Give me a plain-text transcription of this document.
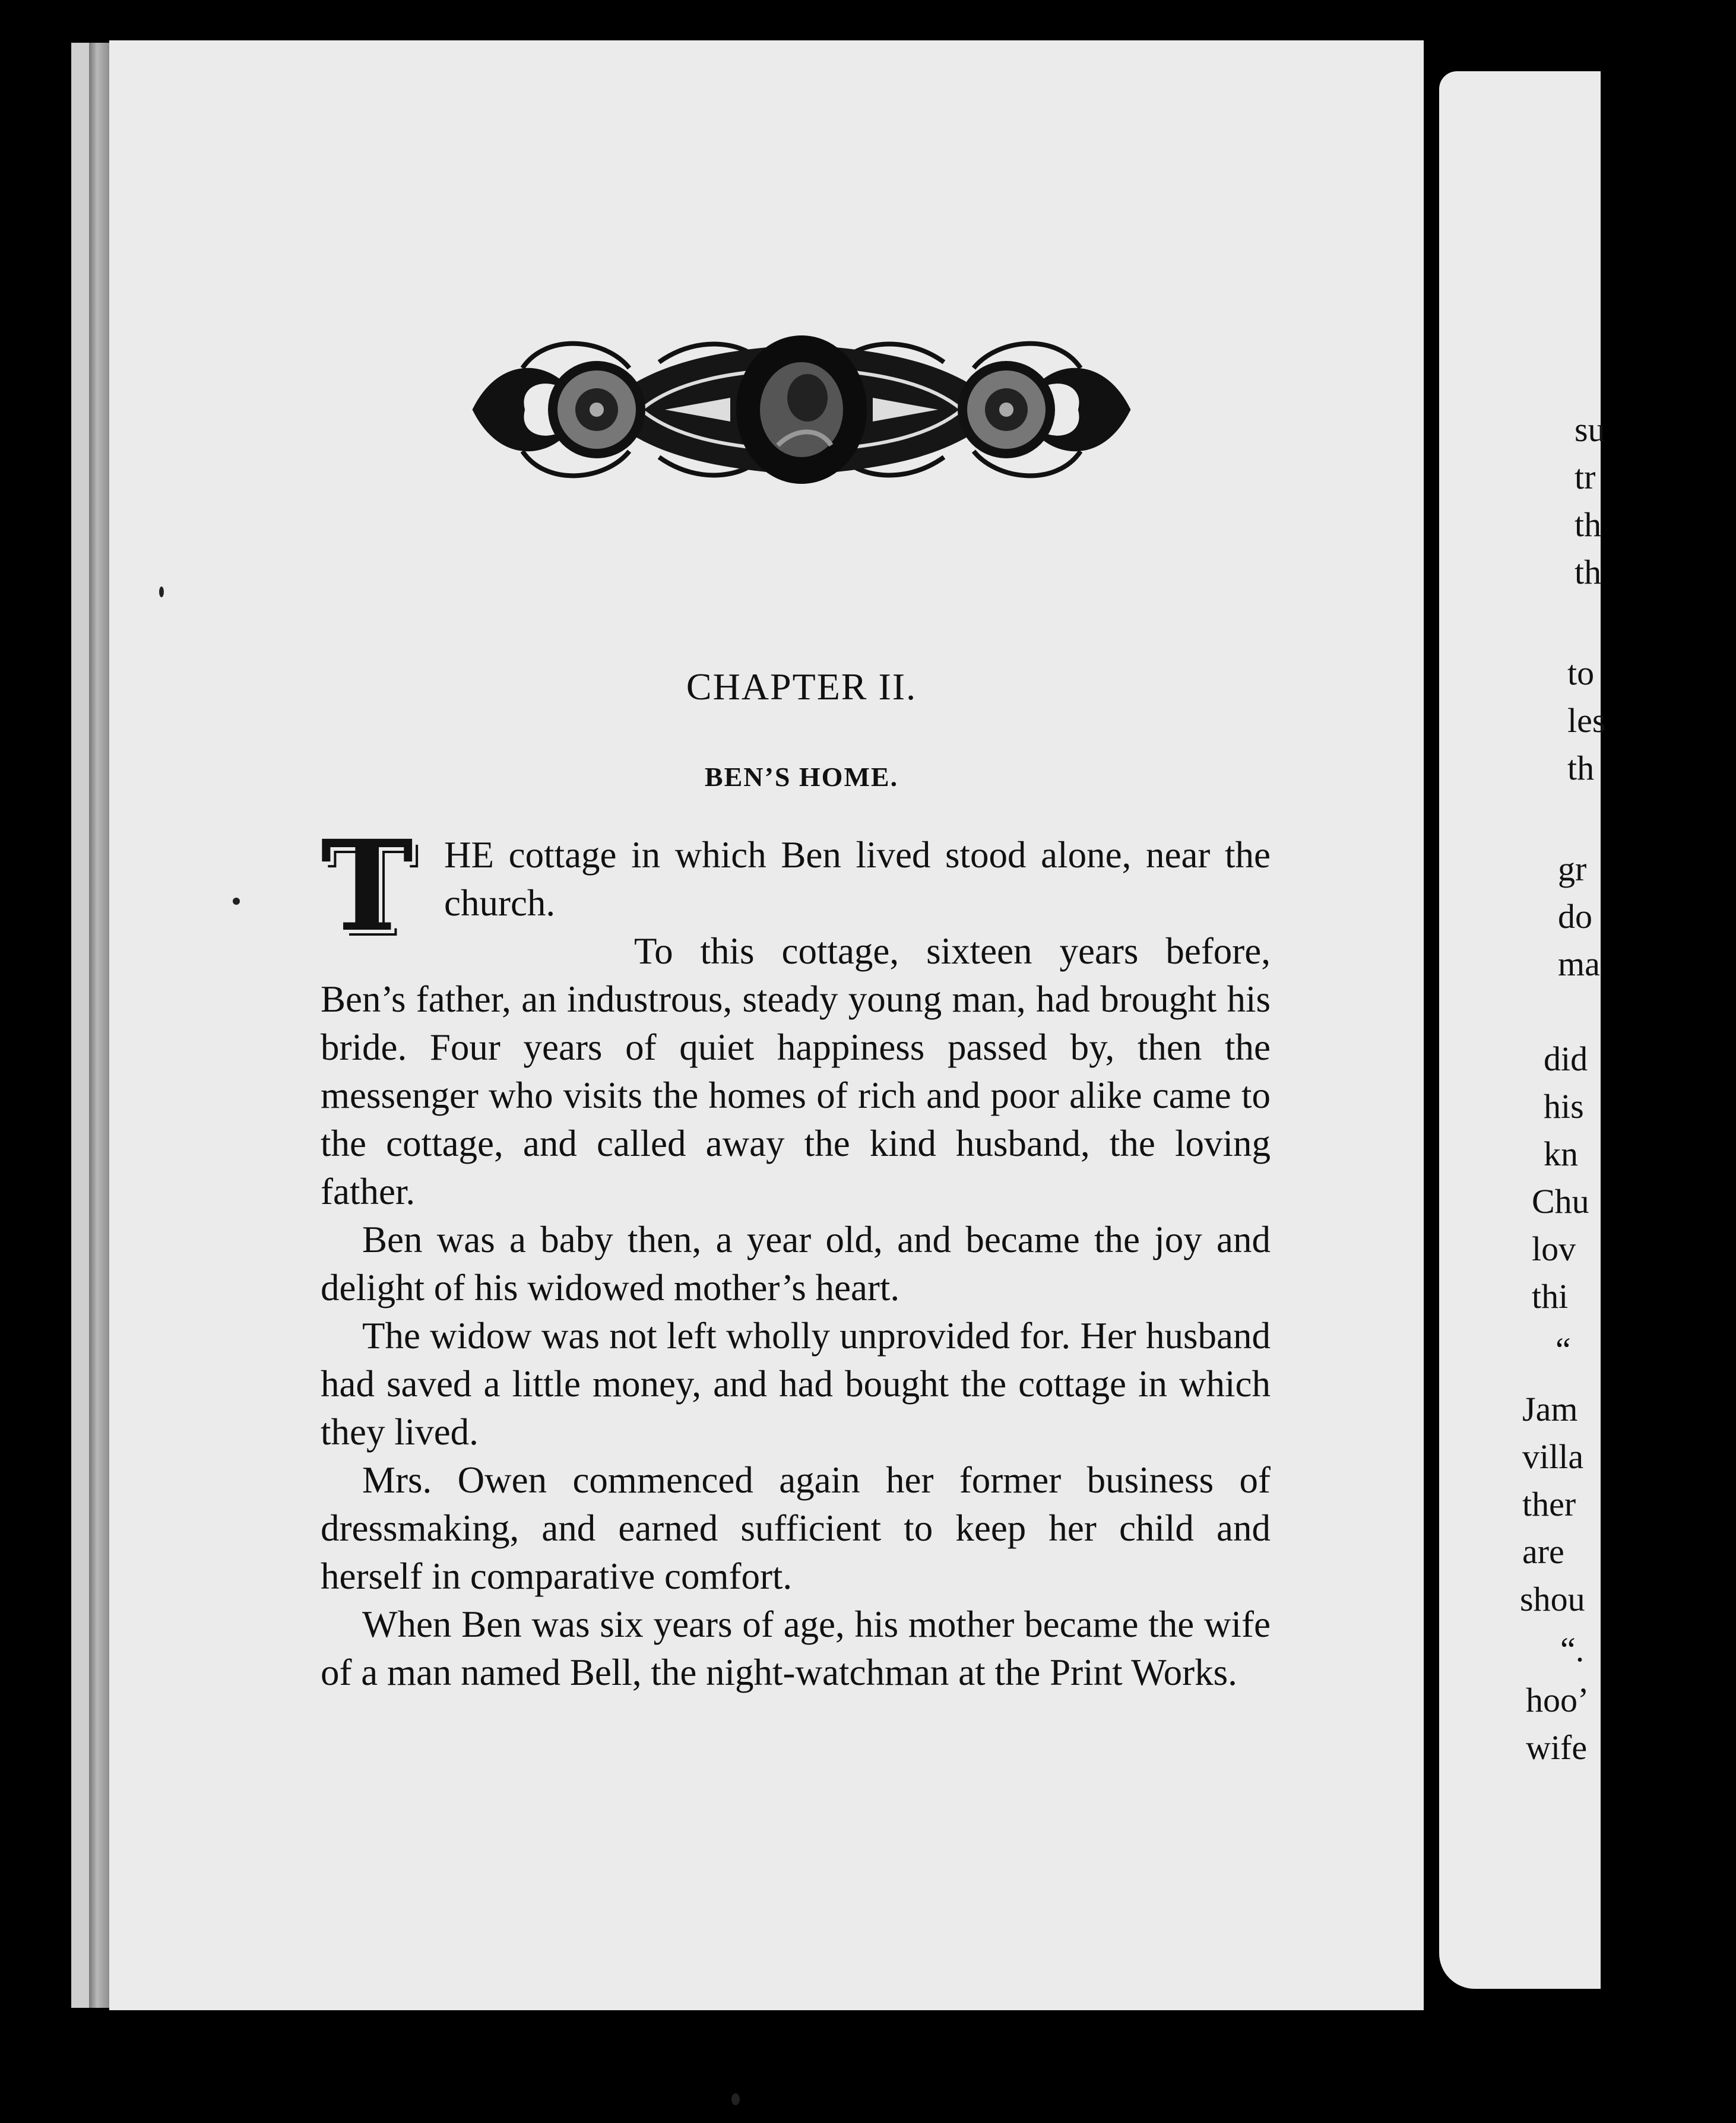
su
tr
th
th
to
les
th
gr
do
ma
did
his
kn
Chu
lov
thi
“
Jam
villa
ther
are
shou
“.
hoo’
wife
CHAPTER II.
BEN’S HOME.
T HE cottage in which Ben lived stood alone, near the church.

To this cottage, sixteen years before, Ben’s father, an industrous, steady young man, had brought his bride. Four years of quiet happiness passed by, then the messenger who visits the homes of rich and poor alike came to the cottage, and called away the kind husband, the loving father.

Ben was a baby then, a year old, and became the joy and delight of his widowed mother’s heart.

The widow was not left wholly unprovided for. Her husband had saved a little money, and had bought the cottage in which they lived.

Mrs. Owen commenced again her former business of dressmaking, and earned sufficient to keep her child and herself in comparative comfort.

When Ben was six years of age, his mother became the wife of a man named Bell, the night-watchman at the Print Works.
